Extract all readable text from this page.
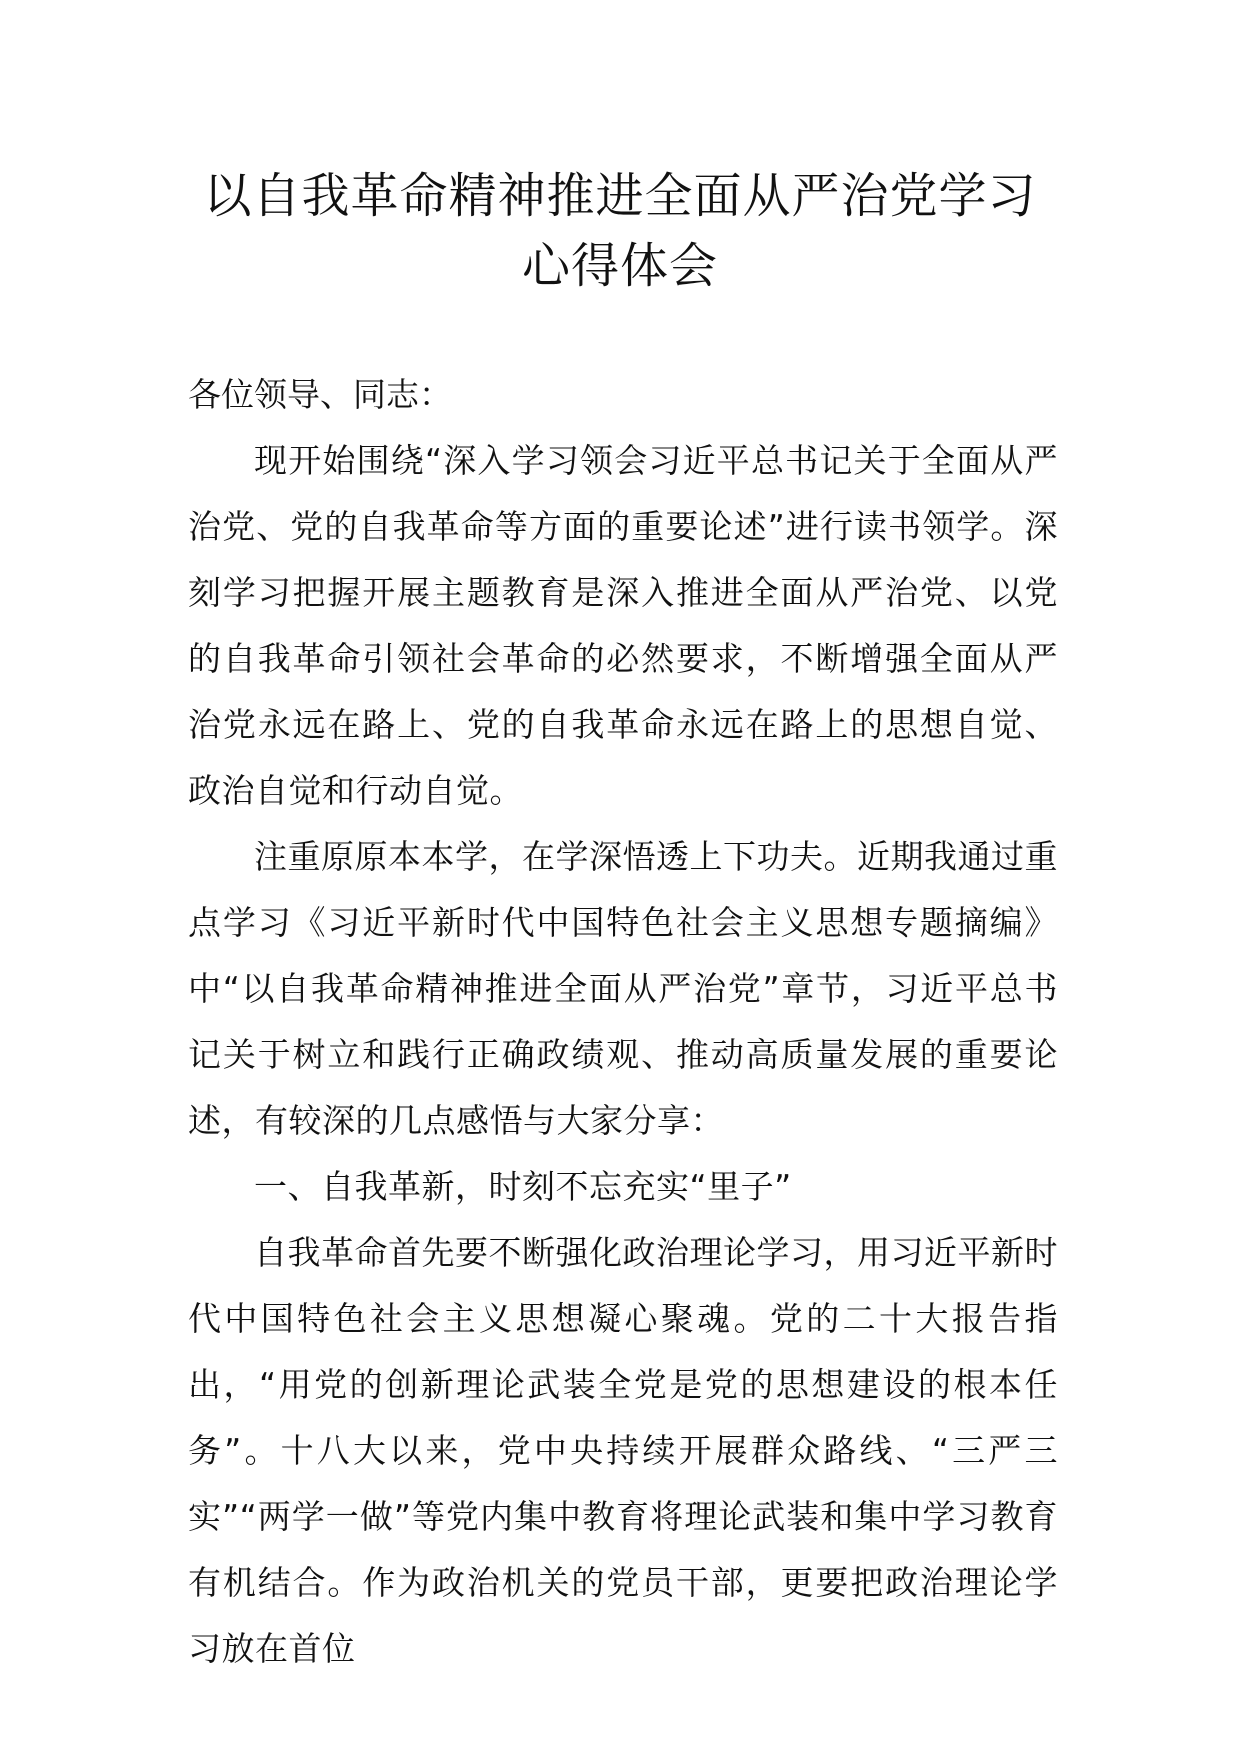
以自我革命精神推进全面从严治党学习
心得体会

各位领导、同志：

现开始围绕“深入学习领会习近平总书记关于全面从严治党、党的自我革命等方面的重要论述”进行读书领学。深刻学习把握开展主题教育是深入推进全面从严治党、以党的自我革命引领社会革命的必然要求，不断增强全面从严治党永远在路上、党的自我革命永远在路上的思想自觉、政治自觉和行动自觉。

注重原原本本学，在学深悟透上下功夫。近期我通过重点学习《习近平新时代中国特色社会主义思想专题摘编》中“以自我革命精神推进全面从严治党”章节，习近平总书记关于树立和践行正确政绩观、推动高质量发展的重要论述，有较深的几点感悟与大家分享：

一、自我革新，时刻不忘充实“里子”

自我革命首先要不断强化政治理论学习，用习近平新时代中国特色社会主义思想凝心聚魂。党的二十大报告指出，“用党的创新理论武装全党是党的思想建设的根本任务”。十八大以来，党中央持续开展群众路线、“三严三实”“两学一做”等党内集中教育将理论武装和集中学习教育有机结合。作为政治机关的党员干部，更要把政治理论学习放在首位
